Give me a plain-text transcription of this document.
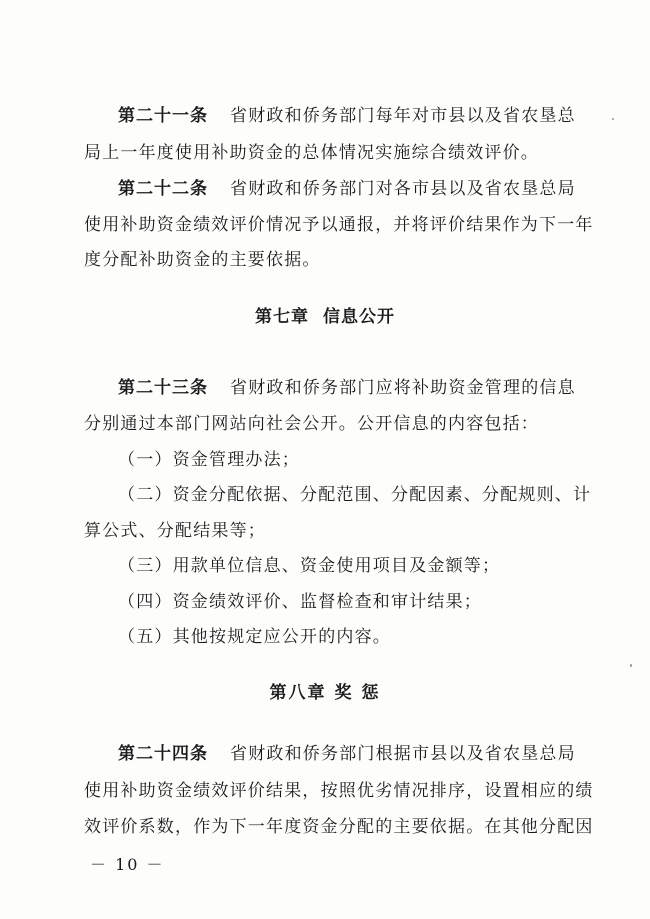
第二十一条 省财政和侨务部门每年对市县以及省农垦总
局上一年度使用补助资金的总体情况实施综合绩效评价。
第二十二条 省财政和侨务部门对各市县以及省农垦总局
使用补助资金绩效评价情况予以通报，并将评价结果作为下一年
度分配补助资金的主要依据。
第七章 信息公开
第二十三条 省财政和侨务部门应将补助资金管理的信息
分别通过本部门网站向社会公开。公开信息的内容包括：
（一）资金管理办法；
（二）资金分配依据、分配范围、分配因素、分配规则、计
算公式、分配结果等；
（三）用款单位信息、资金使用项目及金额等；
（四）资金绩效评价、监督检查和审计结果；
（五）其他按规定应公开的内容。
第八章 奖 惩
第二十四条 省财政和侨务部门根据市县以及省农垦总局
使用补助资金绩效评价结果，按照优劣情况排序，设置相应的绩
效评价系数，作为下一年度资金分配的主要依据。在其他分配因
－ 10 －
